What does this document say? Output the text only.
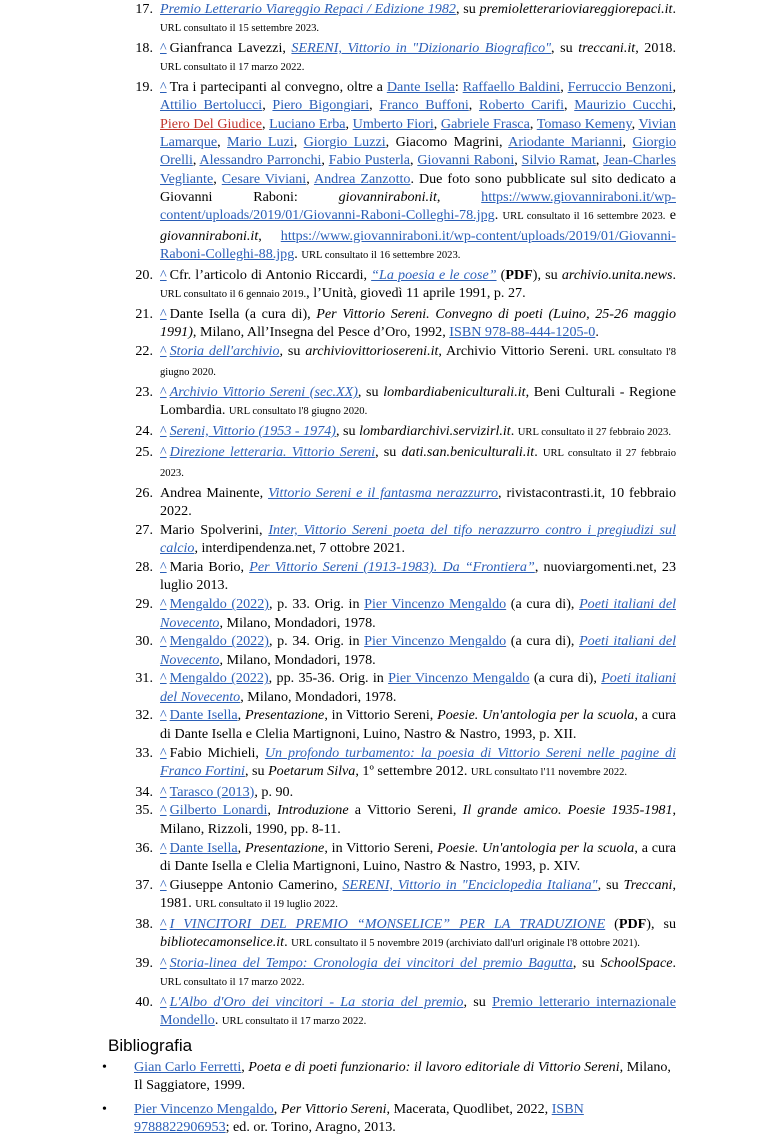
17. Premio Letterario Viareggio Repaci / Edizione 1982, su premioletterarioviareggiorepaci.it. URL consultato il 15 settembre 2023.
18. ^ Gianfranca Lavezzi, SERENI, Vittorio in "Dizionario Biografico", su treccani.it, 2018. URL consultato il 17 marzo 2022.
19. ^ Tra i partecipanti al convegno, oltre a Dante Isella: Raffaello Baldini, Ferruccio Benzoni, Attilio Bertolucci, Piero Bigongiari, Franco Buffoni, Roberto Carifi, Maurizio Cucchi, Piero Del Giudice, Luciano Erba, Umberto Fiori, Gabriele Frasca, Tomaso Kemeny, Vivian Lamarque, Mario Luzi, Giorgio Luzzi, Giacomo Magrini, Ariodante Marianni, Giorgio Orelli, Alessandro Parronchi, Fabio Pusterla, Giovanni Raboni, Silvio Ramat, Jean-Charles Vegliante, Cesare Viviani, Andrea Zanzotto. Due foto sono pubblicate sul sito dedicato a Giovanni Raboni: giovanniraboni.it, https://www.giovanniraboni.it/wp-content/uploads/2019/01/Giovanni-Raboni-Colleghi-78.jpg. URL consultato il 16 settembre 2023. e giovanniraboni.it, https://www.giovanniraboni.it/wp-content/uploads/2019/01/Giovanni-Raboni-Colleghi-88.jpg. URL consultato il 16 settembre 2023.
20. ^ Cfr. l’articolo di Antonio Riccardi, “La poesia e le cose” (PDF), su archivio.unita.news. URL consultato il 6 gennaio 2019., l’Unità, giovedì 11 aprile 1991, p. 27.
21. ^ Dante Isella (a cura di), Per Vittorio Sereni. Convegno di poeti (Luino, 25-26 maggio 1991), Milano, All’Insegna del Pesce d’Oro, 1992, ISBN 978-88-444-1205-0.
22. ^ Storia dell'archivio, su archiviovittoriosereni.it, Archivio Vittorio Sereni. URL consultato l'8 giugno 2020.
23. ^ Archivio Vittorio Sereni (sec.XX), su lombardiabeniculturali.it, Beni Culturali - Regione Lombardia. URL consultato l'8 giugno 2020.
24. ^ Sereni, Vittorio (1953 - 1974), su lombardiarchivi.servizirl.it. URL consultato il 27 febbraio 2023.
25. ^ Direzione letteraria. Vittorio Sereni, su dati.san.beniculturali.it. URL consultato il 27 febbraio 2023.
26. Andrea Mainente, Vittorio Sereni e il fantasma nerazzurro, rivistacontrasti.it, 10 febbraio 2022.
27. Mario Spolverini, Inter, Vittorio Sereni poeta del tifo nerazzurro contro i pregiudizi sul calcio, interdipendenza.net, 7 ottobre 2021.
28. ^ Maria Borio, Per Vittorio Sereni (1913-1983). Da “Frontiera”, nuoviargomenti.net, 23 luglio 2013.
29. ^ Mengaldo (2022), p. 33. Orig. in Pier Vincenzo Mengaldo (a cura di), Poeti italiani del Novecento, Milano, Mondadori, 1978.
30. ^ Mengaldo (2022), p. 34. Orig. in Pier Vincenzo Mengaldo (a cura di), Poeti italiani del Novecento, Milano, Mondadori, 1978.
31. ^ Mengaldo (2022), pp. 35-36. Orig. in Pier Vincenzo Mengaldo (a cura di), Poeti italiani del Novecento, Milano, Mondadori, 1978.
32. ^ Dante Isella, Presentazione, in Vittorio Sereni, Poesie. Un'antologia per la scuola, a cura di Dante Isella e Clelia Martignoni, Luino, Nastro & Nastro, 1993, p. XII.
33. ^ Fabio Michieli, Un profondo turbamento: la poesia di Vittorio Sereni nelle pagine di Franco Fortini, su Poetarum Silva, 1º settembre 2012. URL consultato l'11 novembre 2022.
34. ^ Tarasco (2013), p. 90.
35. ^ Gilberto Lonardi, Introduzione a Vittorio Sereni, Il grande amico. Poesie 1935-1981, Milano, Rizzoli, 1990, pp. 8-11.
36. ^ Dante Isella, Presentazione, in Vittorio Sereni, Poesie. Un'antologia per la scuola, a cura di Dante Isella e Clelia Martignoni, Luino, Nastro & Nastro, 1993, p. XIV.
37. ^ Giuseppe Antonio Camerino, SERENI, Vittorio in "Enciclopedia Italiana", su Treccani, 1981. URL consultato il 19 luglio 2022.
38. ^ I VINCITORI DEL PREMIO “MONSELICE” PER LA TRADUZIONE (PDF), su bibliotecamonselice.it. URL consultato il 5 novembre 2019 (archiviato dall'url originale l'8 ottobre 2021).
39. ^ Storia-linea del Tempo: Cronologia dei vincitori del premio Bagutta, su SchoolSpace. URL consultato il 17 marzo 2022.
40. ^ L'Albo d'Oro dei vincitori - La storia del premio, su Premio letterario internazionale Mondello. URL consultato il 17 marzo 2022.
Bibliografia
• Gian Carlo Ferretti, Poeta e di poeti funzionario: il lavoro editoriale di Vittorio Sereni, Milano, Il Saggiatore, 1999.
• Pier Vincenzo Mengaldo, Per Vittorio Sereni, Macerata, Quodlibet, 2022, ISBN 9788822906953; ed. or. Torino, Aragno, 2013.
